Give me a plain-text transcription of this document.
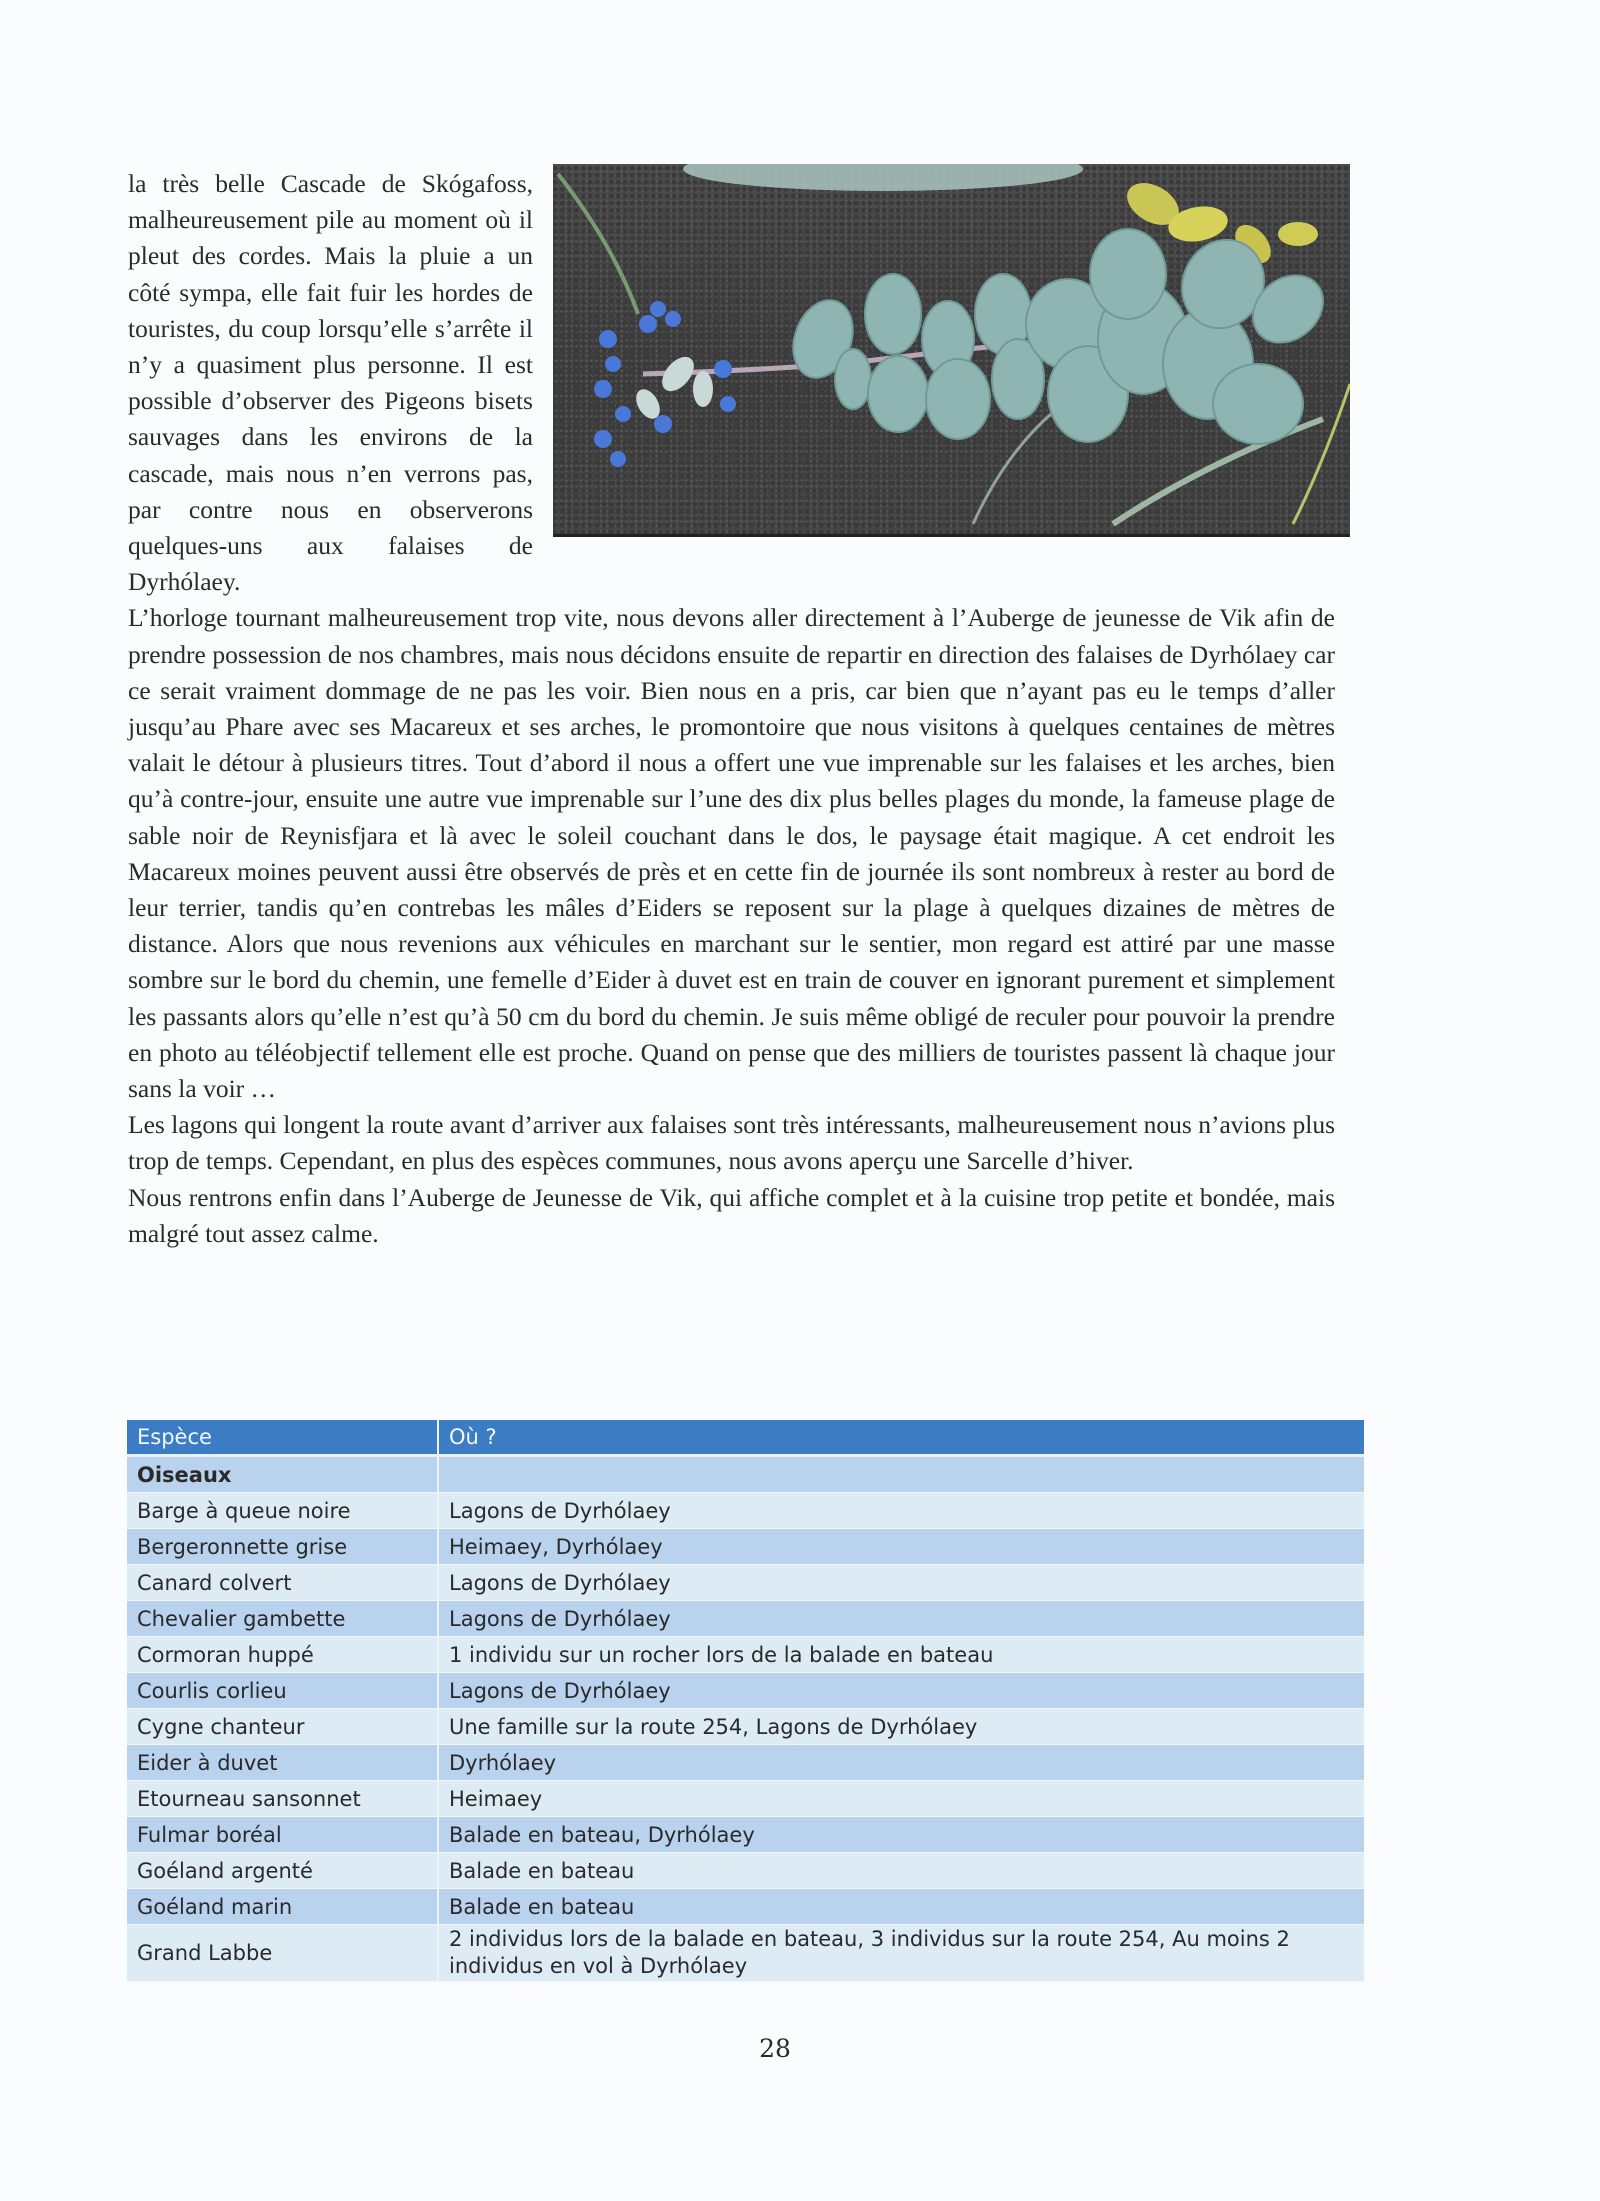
la très belle Cascade de Skógafoss, malheureusement pile au moment où il pleut des cordes. Mais la pluie a un côté sympa, elle fait fuir les hordes de touristes, du coup lorsqu’elle s’arrête il n’y a quasiment plus personne. Il est possible d’observer des Pigeons bisets sauvages dans les environs de la cascade, mais nous n’en verrons pas, par contre nous en observerons quelques-uns aux falaises de Dyrhólaey.

L’horloge tournant malheureusement trop vite, nous devons aller directement à l’Auberge de jeunesse de Vik afin de prendre possession de nos chambres, mais nous décidons ensuite de repartir en direction des falaises de Dyrhólaey car ce serait vraiment dommage de ne pas les voir. Bien nous en a pris, car bien que n’ayant pas eu le temps d’aller jusqu’au Phare avec ses Macareux et ses arches, le promontoire que nous visitons à quelques centaines de mètres valait le détour à plusieurs titres. Tout d’abord il nous a offert une vue imprenable sur les falaises et les arches, bien qu’à contre-jour, ensuite une autre vue imprenable sur l’une des dix plus belles plages du monde, la fameuse plage de sable noir de Reynisfjara et là avec le soleil couchant dans le dos, le paysage était magique. A cet endroit les Macareux moines peuvent aussi être observés de près et en cette fin de journée ils sont nombreux à rester au bord de leur terrier, tandis qu’en contrebas les mâles d’Eiders se reposent sur la plage à quelques dizaines de mètres de distance. Alors que nous revenions aux véhicules en marchant sur le sentier, mon regard est attiré par une masse sombre sur le bord du chemin, une femelle d’Eider à duvet est en train de couver en ignorant purement et simplement les passants alors qu’elle n’est qu’à 50 cm du bord du chemin. Je suis même obligé de reculer pour pouvoir la prendre en photo au téléobjectif tellement elle est proche. Quand on pense que des milliers de touristes passent là chaque jour sans la voir …

Les lagons qui longent la route avant d’arriver aux falaises sont très intéressants, malheureusement nous n’avions plus trop de temps. Cependant, en plus des espèces communes, nous avons aperçu une Sarcelle d’hiver.

Nous rentrons enfin dans l’Auberge de Jeunesse de Vik, qui affiche complet et à la cuisine trop petite et bondée, mais malgré tout assez calme.

Espèce	Où ?
Oiseaux	
Barge à queue noire	Lagons de Dyrhólaey
Bergeronnette grise	Heimaey, Dyrhólaey
Canard colvert	Lagons de Dyrhólaey
Chevalier gambette	Lagons de Dyrhólaey
Cormoran huppé	1 individu sur un rocher lors de la balade en bateau
Courlis corlieu	Lagons de Dyrhólaey
Cygne chanteur	Une famille sur la route 254, Lagons de Dyrhólaey
Eider à duvet	Dyrhólaey
Etourneau sansonnet	Heimaey
Fulmar boréal	Balade en bateau, Dyrhólaey
Goéland argenté	Balade en bateau
Goéland marin	Balade en bateau
Grand Labbe	2 individus lors de la balade en bateau, 3 individus sur la route 254, Au moins 2 individus en vol à Dyrhólaey
28
